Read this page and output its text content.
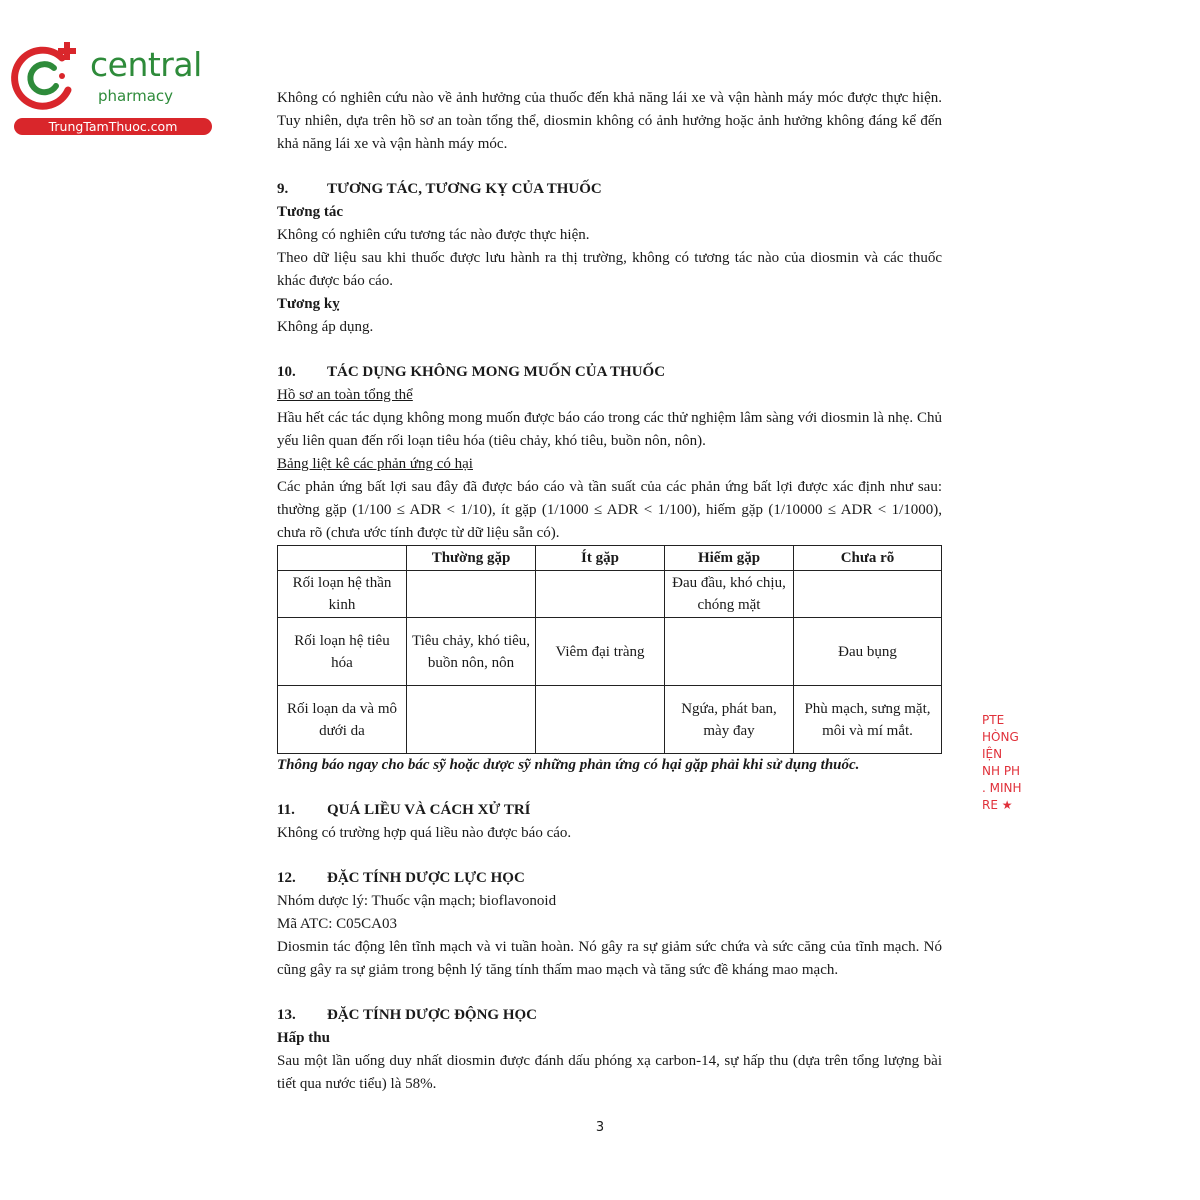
central
pharmacy
TrungTamThuoc.com

Không có nghiên cứu nào về ảnh hưởng của thuốc đến khả năng lái xe và vận hành máy móc được thực hiện. Tuy nhiên, dựa trên hồ sơ an toàn tổng thể, diosmin không có ảnh hưởng hoặc ảnh hưởng không đáng kể đến khả năng lái xe và vận hành máy móc.

9.	TƯƠNG TÁC, TƯƠNG KỴ CỦA THUỐC

Tương tác

Không có nghiên cứu tương tác nào được thực hiện.

Theo dữ liệu sau khi thuốc được lưu hành ra thị trường, không có tương tác nào của diosmin và các thuốc khác được báo cáo.

Tương kỵ

Không áp dụng.

10. TÁC DỤNG KHÔNG MONG MUỐN CỦA THUỐC

Hồ sơ an toàn tổng thể

Hầu hết các tác dụng không mong muốn được báo cáo trong các thử nghiệm lâm sàng với diosmin là nhẹ. Chủ yếu liên quan đến rối loạn tiêu hóa (tiêu chảy, khó tiêu, buồn nôn, nôn).

Bảng liệt kê các phản ứng có hại

Các phản ứng bất lợi sau đây đã được báo cáo và tần suất của các phản ứng bất lợi được xác định như sau: thường gặp (1/100 ≤ ADR < 1/10), ít gặp (1/1000 ≤ ADR < 1/100), hiếm gặp (1/10000 ≤ ADR < 1/1000), chưa rõ (chưa ước tính được từ dữ liệu sẵn có).

	Thường gặp	Ít gặp	Hiếm gặp	Chưa rõ
Rối loạn hệ thần kinh			Đau đầu, khó chịu, chóng mặt	
Rối loạn hệ tiêu hóa	Tiêu chảy, khó tiêu, buồn nôn, nôn	Viêm đại tràng		Đau bụng
Rối loạn da và mô dưới da			Ngứa, phát ban, mày đay	Phù mạch, sưng mặt, môi và mí mắt.

Thông báo ngay cho bác sỹ hoặc dược sỹ những phản ứng có hại gặp phải khi sử dụng thuốc.

11. QUÁ LIỀU VÀ CÁCH XỬ TRÍ

Không có trường hợp quá liều nào được báo cáo.

12. ĐẶC TÍNH DƯỢC LỰC HỌC

Nhóm dược lý: Thuốc vận mạch; bioflavonoid

Mã ATC: C05CA03

Diosmin tác động lên tĩnh mạch và vi tuần hoàn. Nó gây ra sự giảm sức chứa và sức căng của tĩnh mạch. Nó cũng gây ra sự giảm trong bệnh lý tăng tính thấm mao mạch và tăng sức đề kháng mao mạch.

13. ĐẶC TÍNH DƯỢC ĐỘNG HỌC

Hấp thu

Sau một lần uống duy nhất diosmin được đánh dấu phóng xạ carbon-14, sự hấp thu (dựa trên tổng lượng bài tiết qua nước tiểu) là 58%.

PTE
HÒNG
IỆN
NH PH
. MINH
RE ★
3
